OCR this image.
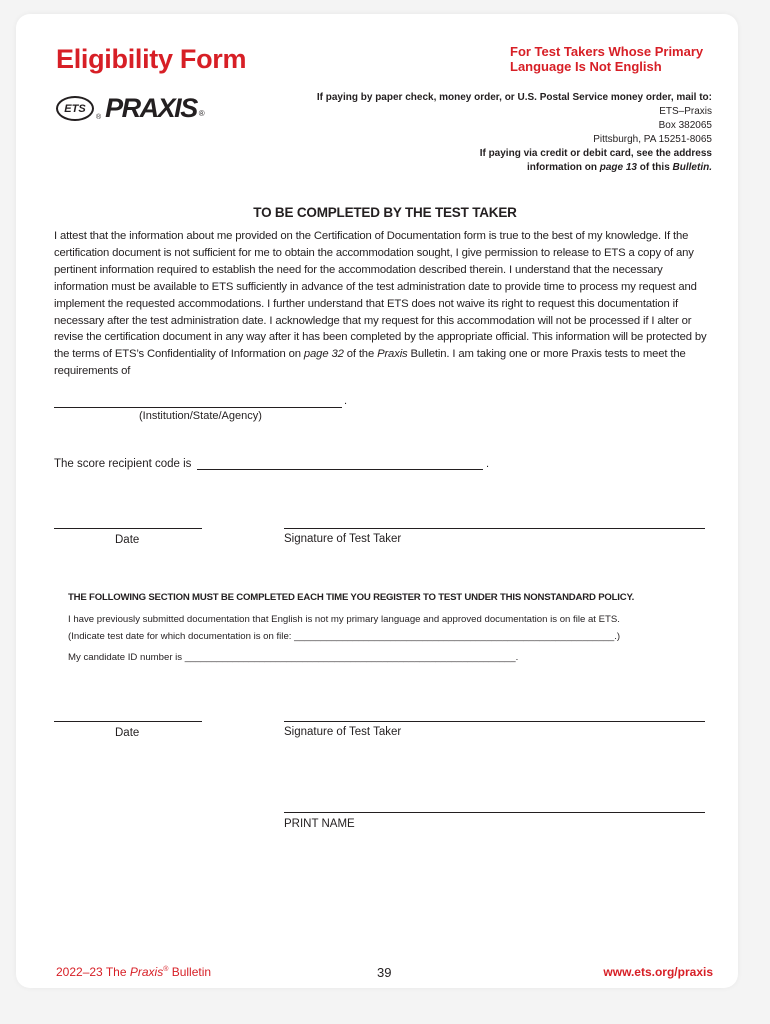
Eligibility Form	For Test Takers Whose Primary
Language Is Not English
ETS
® PRAXIS ®
If paying by paper check, money order, or U.S. Postal Service money order, mail to:
ETS–Praxis
Box 382065
Pittsburgh, PA 15251-8065
If paying via credit or debit card, see the address
information on page 13 of this Bulletin.
TO BE COMPLETED BY THE TEST TAKER
I attest that the information about me provided on the Certification of Documentation form is true to the best of my knowledge. If the certification document is not sufficient for me to obtain the accommodation sought, I give permission to release to ETS a copy of any pertinent information required to establish the need for the accommodation described therein. I understand that the necessary information must be available to ETS sufficiently in advance of the test administration date to provide time to process my request and implement the requested accommodations. I further understand that ETS does not waive its right to request this documentation if necessary after the test administration date. I acknowledge that my request for this accommodation will not be processed if I alter or revise the certification document in any way after it has been completed by the appropriate official. This information will be protected by the terms of ETS’s Confidentiality of Information on page 32 of the Praxis Bulletin. I am taking one or more Praxis tests to meet the requirements of
.
(Institution/State/Agency)
The score recipient code is	.
Date	Signature of Test Taker
THE FOLLOWING SECTION MUST BE COMPLETED EACH TIME YOU REGISTER TO TEST UNDER THIS NONSTANDARD POLICY.
I have previously submitted documentation that English is not my primary language and approved documentation is on file at ETS.
(Indicate test date for which documentation is on file: ____________________________________________________________.)
My candidate ID number is ______________________________________________________________.
Date	Signature of Test Taker
PRINT NAME
2022–23 The Praxis® Bulletin	39	www.ets.org/praxis
